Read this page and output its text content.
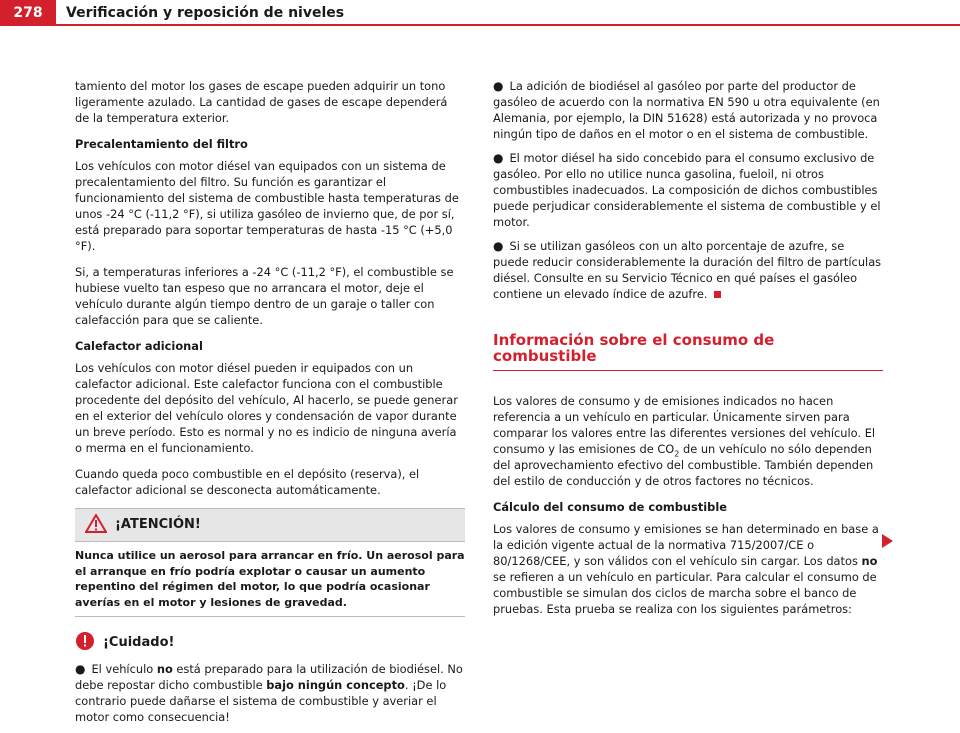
278	Verificación y reposición de niveles

tamiento del motor los gases de escape pueden adquirir un tono ligeramente azulado. La cantidad de gases de escape dependerá de la temperatura exterior.

Precalentamiento del filtro

Los vehículos con motor diésel van equipados con un sistema de precalentamiento del filtro. Su función es garantizar el funcionamiento del sistema de combustible hasta temperaturas de unos -24 °C (-11,2 °F), si utiliza gasóleo de invierno que, de por sí, está preparado para soportar temperaturas de hasta -15 °C (+5,0 °F).

Si, a temperaturas inferiores a -24 °C (-11,2 °F), el combustible se hubiese vuelto tan espeso que no arrancara el motor, deje el vehículo durante algún tiempo dentro de un garaje o taller con calefacción para que se caliente.

Calefactor adicional

Los vehículos con motor diésel pueden ir equipados con un calefactor adicional. Este calefactor funciona con el combustible procedente del depósito del vehículo, Al hacerlo, se puede generar en el exterior del vehículo olores y condensación de vapor durante un breve período. Esto es normal y no es indicio de ninguna avería o merma en el funcionamiento.

Cuando queda poco combustible en el depósito (reserva), el calefactor adicional se desconecta automáticamente.

¡ATENCIÓN!
Nunca utilice un aerosol para arrancar en frío. Un aerosol para el arranque en frío podría explotar o causar un aumento repentino del régimen del motor, lo que podría ocasionar averías en el motor y lesiones de gravedad.
¡Cuidado!

● El vehículo no está preparado para la utilización de biodiésel. No debe repostar dicho combustible bajo ningún concepto. ¡De lo contrario puede dañarse el sistema de combustible y averiar el motor como consecuencia!

● La adición de biodiésel al gasóleo por parte del productor de gasóleo de acuerdo con la normativa EN 590 u otra equivalente (en Alemania, por ejemplo, la DIN 51628) está autorizada y no provoca ningún tipo de daños en el motor o en el sistema de combustible.

● El motor diésel ha sido concebido para el consumo exclusivo de gasóleo. Por ello no utilice nunca gasolina, fueloil, ni otros combustibles inadecuados. La composición de dichos combustibles puede perjudicar considerablemente el sistema de combustible y el motor.

● Si se utilizan gasóleos con un alto porcentaje de azufre, se puede reducir considerablemente la duración del filtro de partículas diésel. Consulte en su Servicio Técnico en qué países el gasóleo contiene un elevado índice de azufre.

Información sobre el consumo de combustible

Los valores de consumo y de emisiones indicados no hacen referencia a un vehículo en particular. Únicamente sirven para comparar los valores entre las diferentes versiones del vehículo. El consumo y las emisiones de $CO_2$ de un vehículo no sólo dependen del aprovechamiento efectivo del combustible. También dependen del estilo de conducción y de otros factores no técnicos.

Cálculo del consumo de combustible

Los valores de consumo y emisiones se han determinado en base a la edición vigente actual de la normativa 715/2007/CE o 80/1268/CEE, y son válidos con el vehículo sin cargar. Los datos no se refieren a un vehículo en particular. Para calcular el consumo de combustible se simulan dos ciclos de marcha sobre el banco de pruebas. Esta prueba se realiza con los siguientes parámetros:
